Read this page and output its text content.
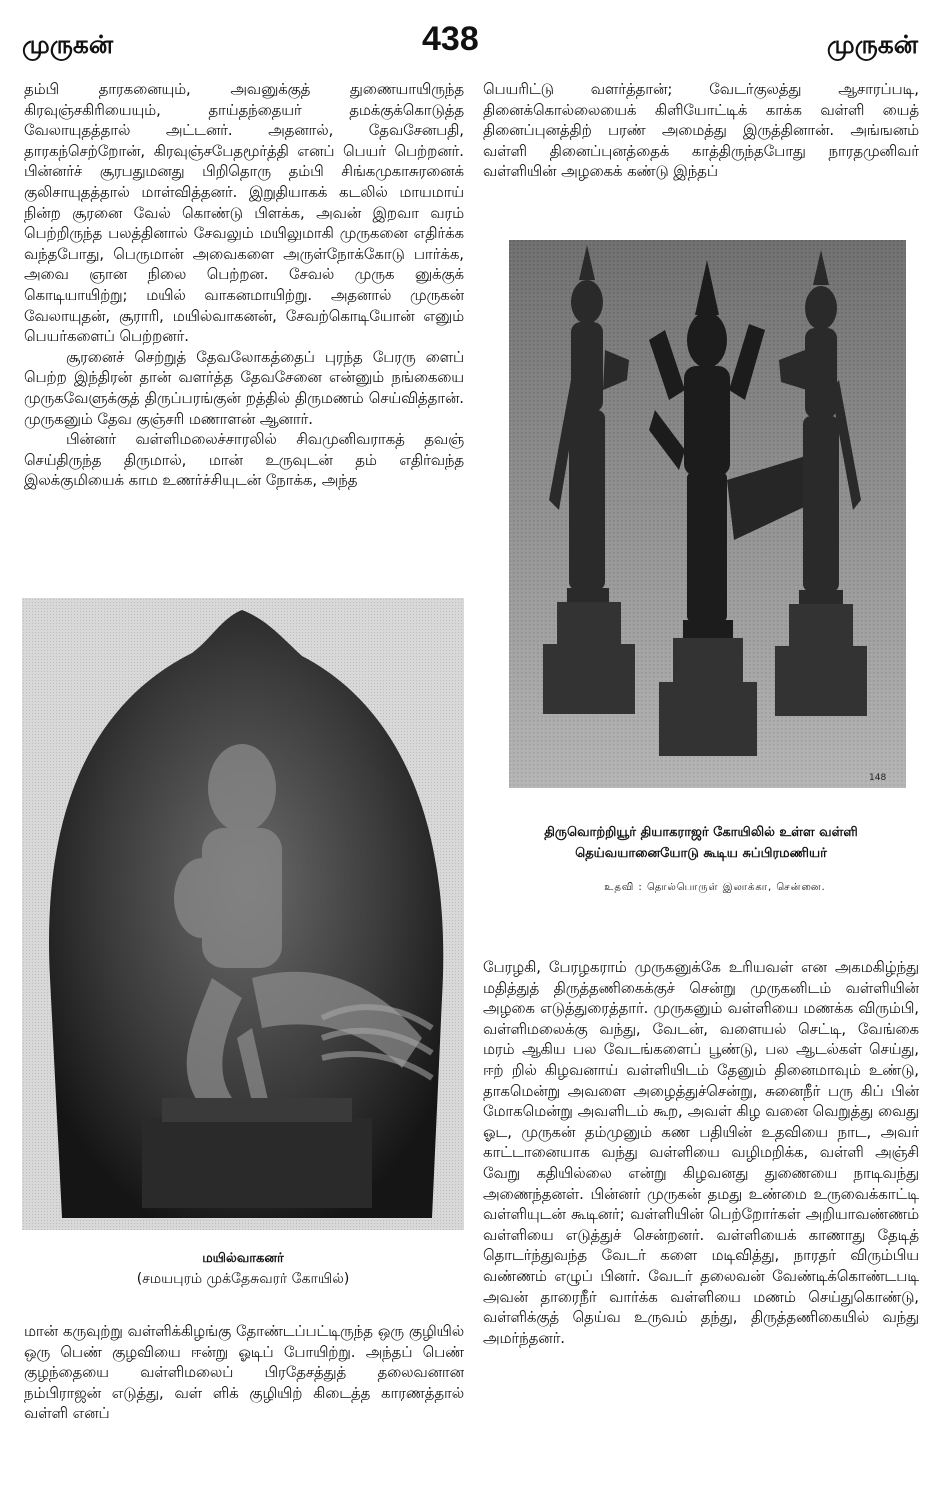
முருகன்	438	முருகன்

தம்பி தாரகனையும், அவனுக்குத் துணையாயிருந்த கிரவுஞ்சகிரியையும், தாய்தந்தையர் தமக்குக்கொடுத்த வேலாயுதத்தால் அட்டனர். அதனால், தேவசேனபதி, தாரகந்செற்றோன், கிரவுஞ்சபேதமூர்த்தி எனப் பெயர் பெற்றனர். பின்னர்ச் சூரபதுமனது பிறிதொரு தம்பி சிங்கமுகாசுரனைக் குலிசாயுதத்தால் மாள்வித்தனர். இறுதியாகக் கடலில் மாயமாய் நின்ற சூரனை வேல் கொண்டு பிளக்க, அவன் இறவா வரம் பெற்றிருந்த பலத்தினால் சேவலும் மயிலுமாகி முருகனை எதிர்க்க வந்தபோது, பெருமான் அவைகளை அருள்நோக்கோடு பார்க்க, அவை ஞான நிலை பெற்றன. சேவல் முருக னுக்குக் கொடியாயிற்று; மயில் வாகனமாயிற்று. அதனால் முருகன் வேலாயுதன், சூராரி, மயில்வாகனன், சேவற்கொடியோன் எனும் பெயர்களைப் பெற்றனர்.

சூரனைச் செற்றுத் தேவலோகத்தைப் புரந்த பேரரு ளைப் பெற்ற இந்திரன் தான் வளர்த்த தேவசேனை என்னும் நங்கையை முருகவேளுக்குத் திருப்பரங்குன் றத்தில் திருமணம் செய்வித்தான். முருகனும் தேவ குஞ்சரி மணாளன் ஆனார்.

பின்னர் வள்ளிமலைச்சாரலில் சிவமுனிவராகத் தவஞ் செய்திருந்த திருமால், மான் உருவுடன் தம் எதிர்வந்த இலக்குமியைக் காம உணர்ச்சியுடன் நோக்க, அந்த

பெயரிட்டு வளர்த்தான்; வேடர்குலத்து ஆசாரப்படி, தினைக்கொல்லையைக் கிளியோட்டிக் காக்க வள்ளி யைத் தினைப்புனத்திற் பரண் அமைத்து இருத்தினான். அங்ஙனம் வள்ளி தினைப்புனத்தைக் காத்திருந்தபோது நாரதமுனிவர் வள்ளியின் அழகைக் கண்டு இந்தப்

148
திருவொற்றியூர் தியாகராஜர் கோயிலில் உள்ள வள்ளி
தெய்வயானையோடு கூடிய சுப்பிரமணியர்
உதவி : தொல்பொருள் இலாக்கா, சென்னை.

பேரழகி, பேரழகராம் முருகனுக்கே உரியவள் என அகமகிழ்ந்து மதித்துத் திருத்தணிகைக்குச் சென்று முருகனிடம் வள்ளியின் அழகை எடுத்துரைத்தார். முருகனும் வள்ளியை மணக்க விரும்பி, வள்ளிமலைக்கு வந்து, வேடன், வளையல் செட்டி, வேங்கை மரம் ஆகிய பல வேடங்களைப் பூண்டு, பல ஆடல்கள் செய்து, ஈற் றில் கிழவனாய் வள்ளியிடம் தேனும் தினைமாவும் உண்டு, தாகமென்று அவளை அழைத்துச்சென்று, சுனைநீர் பரு கிப் பின் மோகமென்று அவளிடம் கூற, அவள் கிழ வனை வெறுத்து வைது ஓட, முருகன் தம்முனும் கண பதியின் உதவியை நாட, அவர் காட்டானையாக வந்து வள்ளியை வழிமறிக்க, வள்ளி அஞ்சி வேறு கதியில்லை என்று கிழவனது துணையை நாடிவந்து அணைந்தனள். பின்னர் முருகன் தமது உண்மை உருவைக்காட்டி வள்ளியுடன் கூடினர்; வள்ளியின் பெற்றோர்கள் அறியாவண்ணம் வள்ளியை எடுத்துச் சென்றனர். வள்ளியைக் காணாது தேடித் தொடர்ந்துவந்த வேடர் களை மடிவித்து, நாரதர் விரும்பிய வண்ணம் எழுப் பினர். வேடர் தலைவன் வேண்டிக்கொண்டபடி அவன் தாரைநீர் வார்க்க வள்ளியை மணம் செய்துகொண்டு, வள்ளிக்குத் தெய்வ உருவம் தந்து, திருத்தணிகையில் வந்து அமர்ந்தனர்.

மயில்வாகனர்
(சமயபுரம் முக்தேசுவரர் கோயில்)

மான் கருவுற்று வள்ளிக்கிழங்கு தோண்டப்பட்டிருந்த ஒரு குழியில் ஒரு பெண் குழவியை ஈன்று ஓடிப் போயிற்று. அந்தப் பெண் குழந்தையை வள்ளிமலைப் பிரதேசத்துத் தலைவனான நம்பிராஜன் எடுத்து, வள் ளிக் குழியிற் கிடைத்த காரணத்தால் வள்ளி எனப்
